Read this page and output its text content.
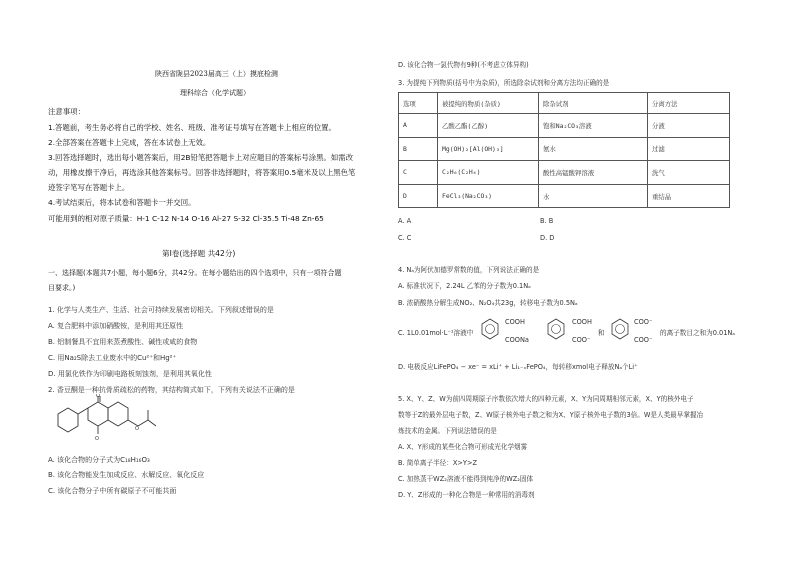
陕西省陇县2023届高三（上）摸底检测
理科综合（化学试题）
注意事项：
1.答题前，考生务必将自己的学校、姓名、班级、准考证号填写在答题卡上相应的位置。
2.全部答案在答题卡上完成，答在本试卷上无效。
3.回答选择题时，选出每小题答案后，用2B铅笔把答题卡上对应题目的答案标号涂黑。如需改
动，用橡皮擦干净后，再选涂其他答案标号。回答非选择题时，将答案用0.5毫米及以上黑色笔
迹签字笔写在答题卡上。
4.考试结束后，将本试卷和答题卡一并交回。
可能用到的相对原子质量：H-1 C-12 N-14 O-16 Al-27 S-32 Cl-35.5 Ti-48 Zn-65
第Ⅰ卷(选择题 共42分)
一、选择题(本题共7小题，每小题6分，共42分。在每小题给出的四个选项中，只有一项符合题
目要求。)
1. 化学与人类生产、生活、社会可持续发展密切相关。下列叙述错误的是
A. 复合肥料中添加硝酸铵，是利用其还原性
B. 铝制餐具不宜用来蒸煮酸性、碱性或咸的食物
C. 用Na₂S除去工业废水中的Cu²⁺和Hg²⁺
D. 用氯化铁作为印刷电路板刻蚀剂，是利用其氧化性
2. 香豆酮是一种抗骨质疏松的药物，其结构简式如下，下列有关说法不正确的是
O
O
O
A. 该化合物的分子式为C₁₈H₁₆O₃
B. 该化合物能发生加成反应、水解反应、氧化反应
C. 该化合物分子中所有碳原子不可能共面
D. 该化合物一氯代物有9种(不考虑立体异构)
3. 为提纯下列物质(括号中为杂质)，所选除杂试剂和分离方法均正确的是
选项	被提纯的物质(杂质)	除杂试剂	分离方法
A	乙酸乙酯(乙醇)	饱和Na₂CO₃溶液	分液
B	Mg(OH)₂[Al(OH)₃]	氨水	过滤
C	C₂H₆(C₂H₄)	酸性高锰酸钾溶液	洗气
D	FeCl₃(Na₂CO₃)	水	重结晶
A. A	B. B
C. C	D. D
4. Nₐ为阿伏加德罗常数的值，下列说法正确的是
A. 标准状况下，2.24L 乙苯的分子数为0.1Nₐ
B. 浓硝酸热分解生成NO₂、N₂O₄共23g，转移电子数为0.5Nₐ
C. 1L0.01mol·L⁻¹溶液中
COOH
COONa
COOH
COO⁻
和
COO⁻
COO⁻
的离子数目之和为0.01Nₐ
D. 电极反应LiFePO₄ − xe⁻ = xLi⁺ + Li₁₋ₓFePO₄，每转移xmol电子释放Nₐ个Li⁺
5. X、Y、Z、W为前四周期原子序数依次增大的四种元素，X、Y为同周期相邻元素，X、Y的核外电子
数等于Z的最外层电子数，Z、W原子核外电子数之和为X、Y原子核外电子数的3倍。W是人类最早掌握冶
炼技术的金属。下列说法错误的是
A. X、Y形成的某些化合物可形成光化学烟雾
B. 简单离子半径：X>Y>Z
C. 加热蒸干WZ₂溶液不能得到纯净的WZ₂固体
D. Y、Z形成的一种化合物是一种常用的消毒剂
